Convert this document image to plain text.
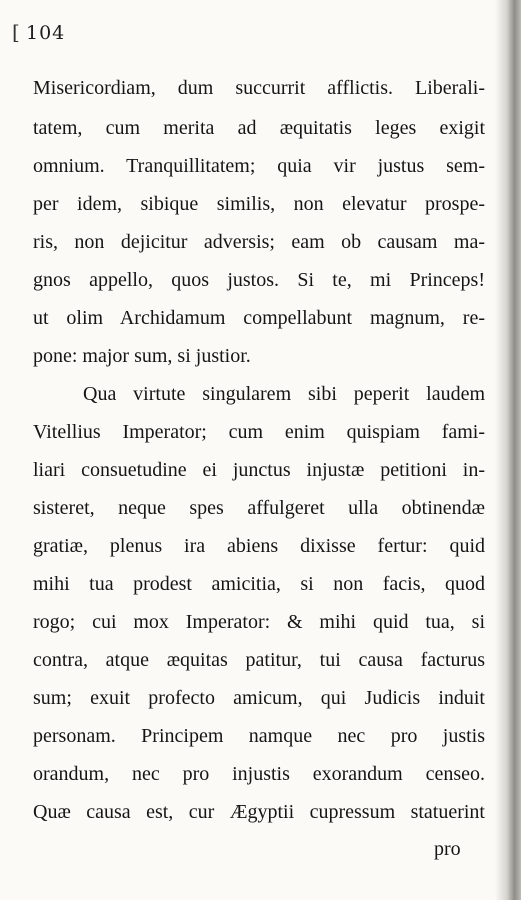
[ 104
Misericordiam, dum succurrit afflictis. Liberali-
tatem, cum merita ad æquitatis leges exigit
omnium. Tranquillitatem; quia vir justus sem-
per idem, sibique similis, non elevatur prospe-
ris, non dejicitur adversis; eam ob causam ma-
gnos appello, quos justos. Si te, mi Princeps!
ut olim Archidamum compellabunt magnum, re-
pone: major sum, si justior.
Qua virtute singularem sibi peperit laudem
Vitellius Imperator; cum enim quispiam fami-
liari consuetudine ei junctus injustæ petitioni in-
sisteret, neque spes affulgeret ulla obtinendæ
gratiæ, plenus ira abiens dixisse fertur: quid
mihi tua prodest amicitia, si non facis, quod
rogo; cui mox Imperator: & mihi quid tua, si
contra, atque æquitas patitur, tui causa facturus
sum; exuit profecto amicum, qui Judicis induit
personam. Principem namque nec pro justis
orandum, nec pro injustis exorandum censeo.
Quæ causa est, cur Ægyptii cupressum statuerint
pro
